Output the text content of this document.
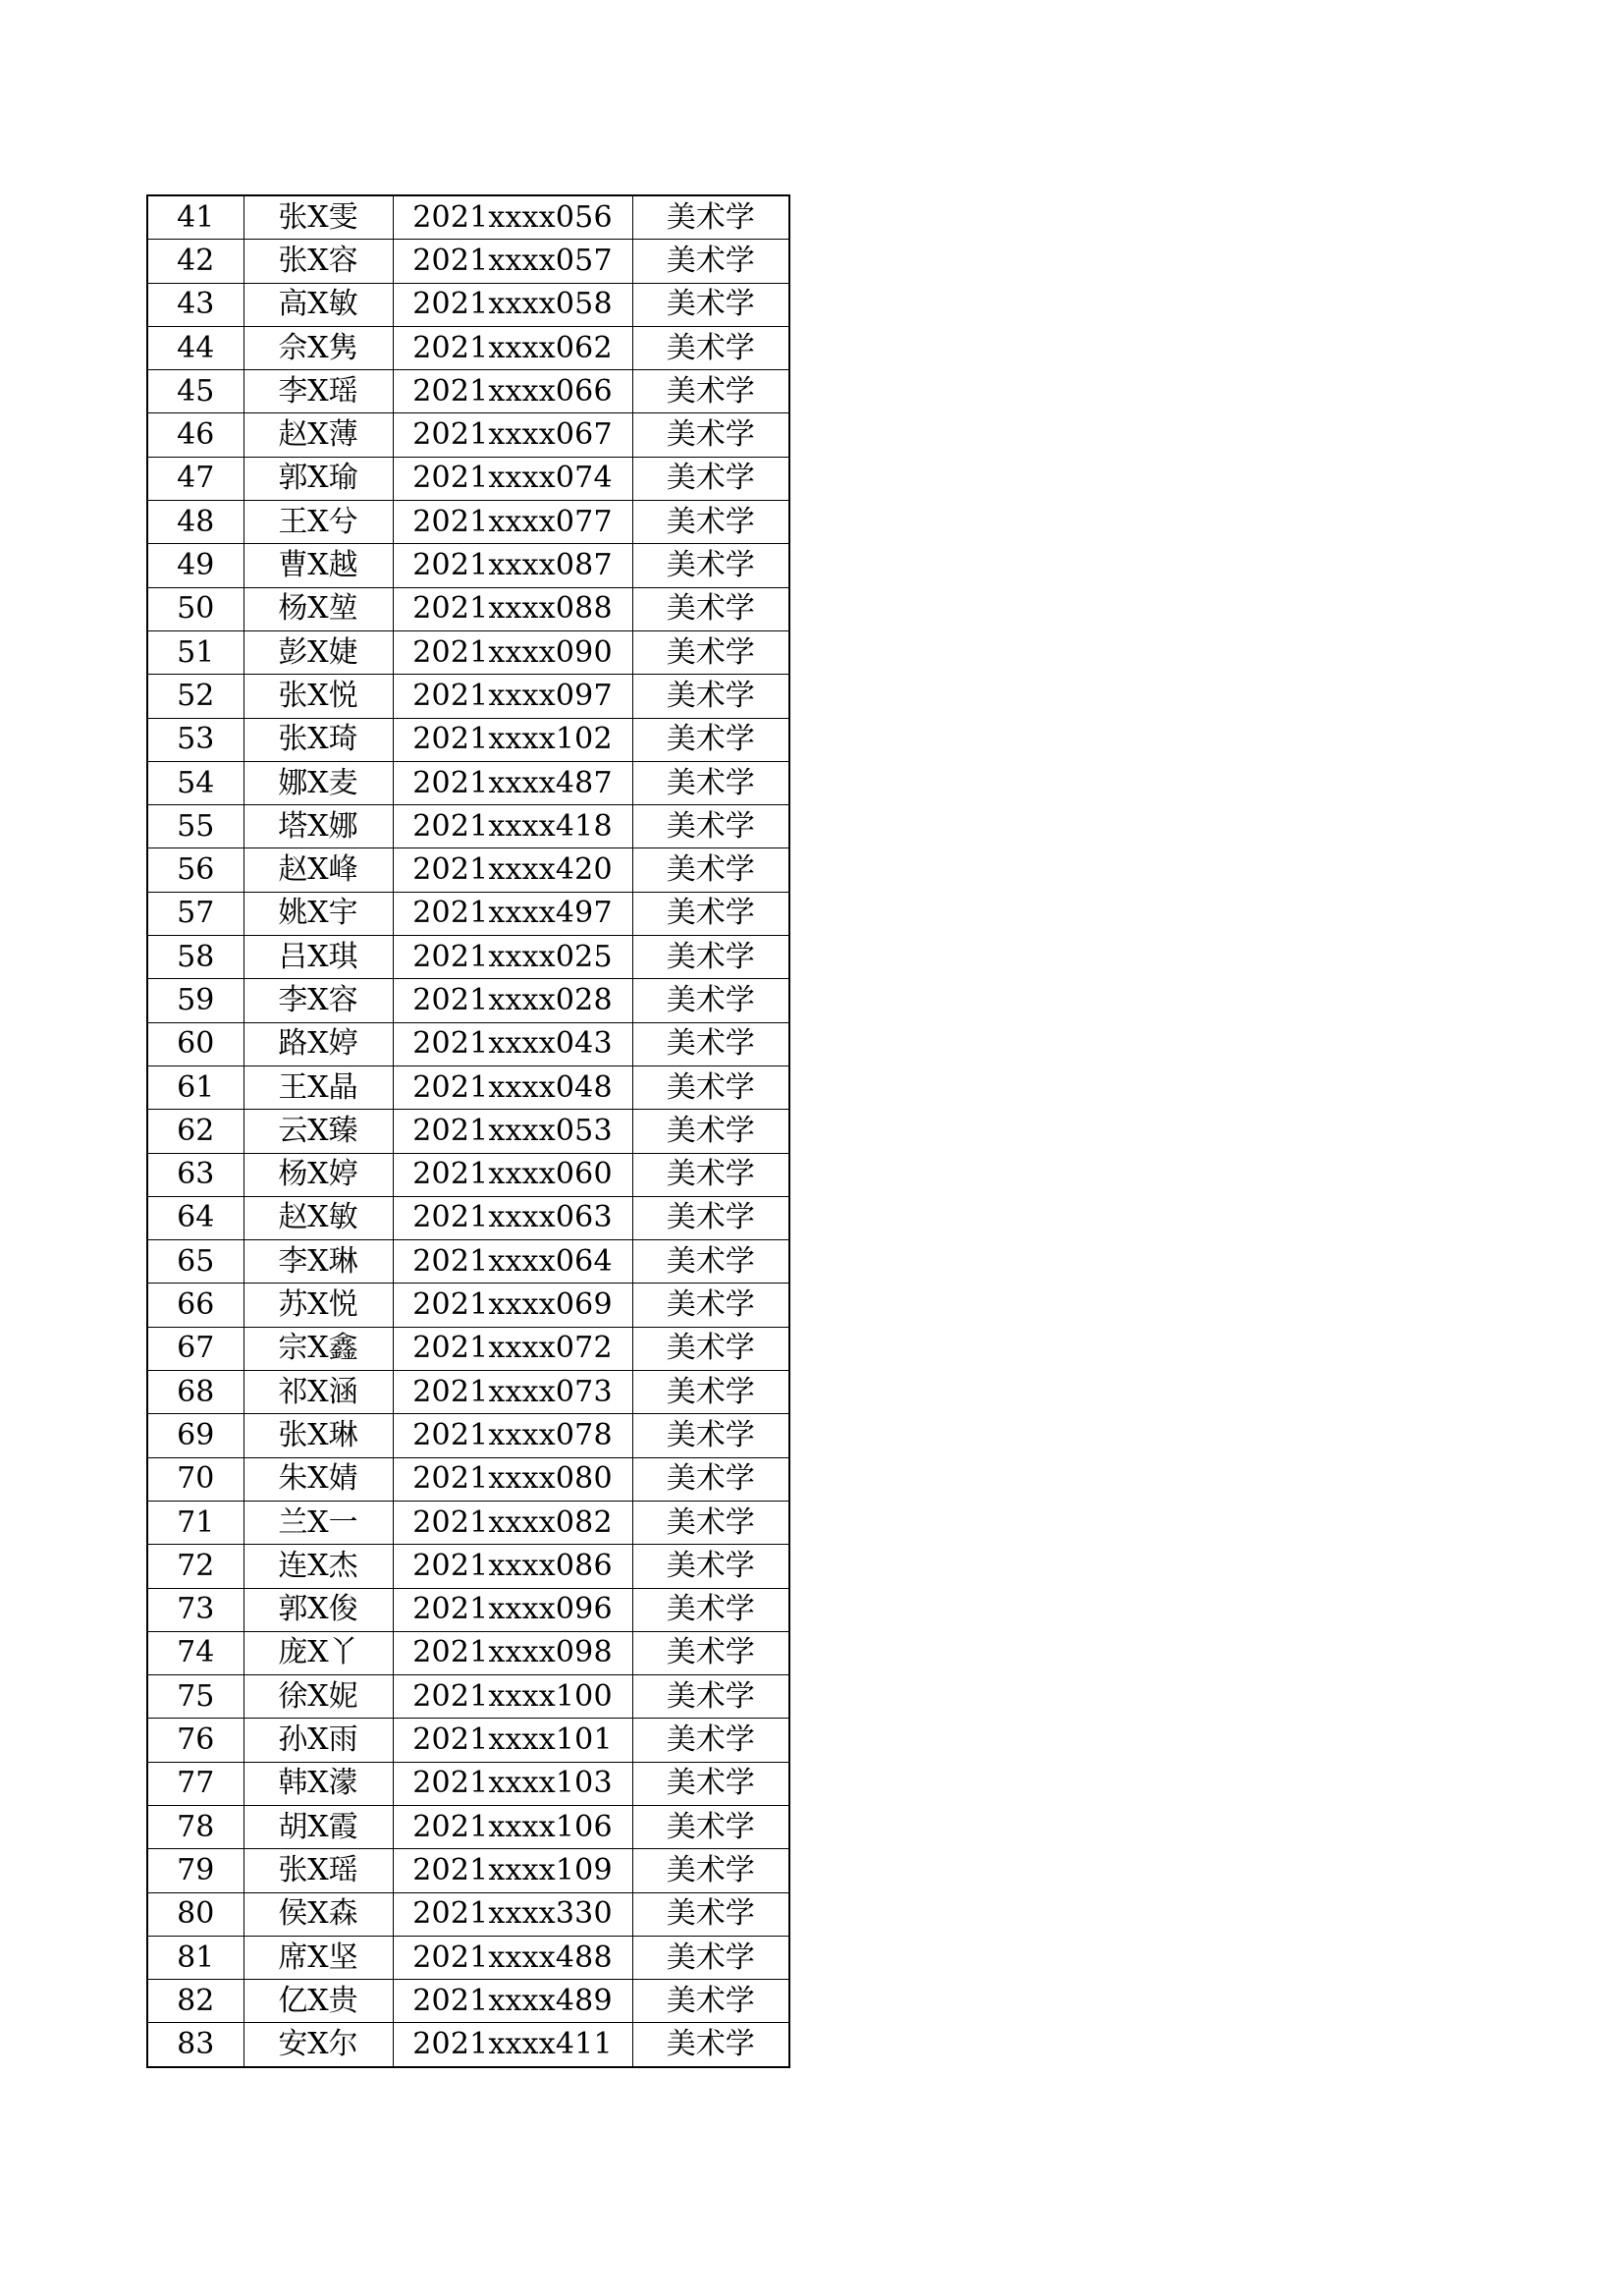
41	张X雯	2021xxxx056	美术学
42	张X容	2021xxxx057	美术学
43	高X敏	2021xxxx058	美术学
44	佘X隽	2021xxxx062	美术学
45	李X瑶	2021xxxx066	美术学
46	赵X薄	2021xxxx067	美术学
47	郭X瑜	2021xxxx074	美术学
48	王X兮	2021xxxx077	美术学
49	曹X越	2021xxxx087	美术学
50	杨X堃	2021xxxx088	美术学
51	彭X婕	2021xxxx090	美术学
52	张X悦	2021xxxx097	美术学
53	张X琦	2021xxxx102	美术学
54	娜X麦	2021xxxx487	美术学
55	塔X娜	2021xxxx418	美术学
56	赵X峰	2021xxxx420	美术学
57	姚X宇	2021xxxx497	美术学
58	吕X琪	2021xxxx025	美术学
59	李X容	2021xxxx028	美术学
60	路X婷	2021xxxx043	美术学
61	王X晶	2021xxxx048	美术学
62	云X臻	2021xxxx053	美术学
63	杨X婷	2021xxxx060	美术学
64	赵X敏	2021xxxx063	美术学
65	李X琳	2021xxxx064	美术学
66	苏X悦	2021xxxx069	美术学
67	宗X鑫	2021xxxx072	美术学
68	祁X涵	2021xxxx073	美术学
69	张X琳	2021xxxx078	美术学
70	朱X婧	2021xxxx080	美术学
71	兰X一	2021xxxx082	美术学
72	连X杰	2021xxxx086	美术学
73	郭X俊	2021xxxx096	美术学
74	庞X丫	2021xxxx098	美术学
75	徐X妮	2021xxxx100	美术学
76	孙X雨	2021xxxx101	美术学
77	韩X濛	2021xxxx103	美术学
78	胡X霞	2021xxxx106	美术学
79	张X瑶	2021xxxx109	美术学
80	侯X森	2021xxxx330	美术学
81	席X坚	2021xxxx488	美术学
82	亿X贵	2021xxxx489	美术学
83	安X尔	2021xxxx411	美术学
